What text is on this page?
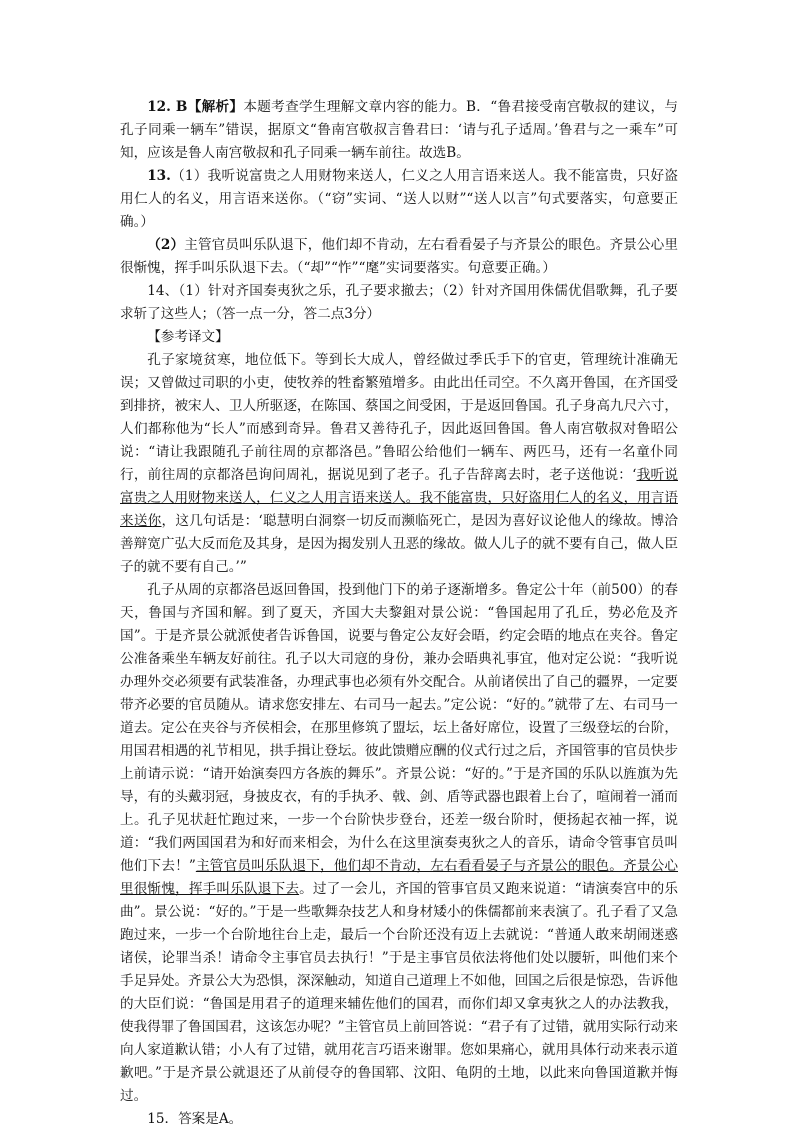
12. B【解析】本题考查学生理解文章内容的能力。B．“鲁君接受南宫敬叔的建议，与孔子同乘一辆车”错误，据原文“鲁南宫敬叔言鲁君曰：‘请与孔子适周。’鲁君与之一乘车”可知，应该是鲁人南宫敬叔和孔子同乘一辆车前往。故选B。

13.（1）我听说富贵之人用财物来送人，仁义之人用言语来送人。我不能富贵，只好盗用仁人的名义，用言语来送你。（“窃”实词、“送人以财”“送人以言”句式要落实，句意要正确。）

（2）主管官员叫乐队退下，他们却不肯动，左右看看晏子与齐景公的眼色。齐景公心里很惭愧，挥手叫乐队退下去。（“却”“怍”“麾”实词要落实。句意要正确。）

14、（1）针对齐国奏夷狄之乐，孔子要求撤去；（2）针对齐国用侏儒优倡歌舞，孔子要求斩了这些人；（答一点一分，答二点3分）

【参考译文】

孔子家境贫寒，地位低下。等到长大成人，曾经做过季氏手下的官吏，管理统计准确无误；又曾做过司职的小吏，使牧养的牲畜繁殖增多。由此出任司空。不久离开鲁国，在齐国受到排挤，被宋人、卫人所驱逐，在陈国、蔡国之间受困，于是返回鲁国。孔子身高九尺六寸，人们都称他为“长人”而感到奇异。鲁君又善待孔子，因此返回鲁国。鲁人南宫敬叔对鲁昭公说：“请让我跟随孔子前往周的京都洛邑。”鲁昭公给他们一辆车、两匹马，还有一名童仆同行，前往周的京都洛邑询问周礼，据说见到了老子。孔子告辞离去时，老子送他说：‘我听说富贵之人用财物来送人，仁义之人用言语来送人。我不能富贵，只好盗用仁人的名义，用言语来送你，这几句话是：‘聪慧明白洞察一切反而濒临死亡，是因为喜好议论他人的缘故。博洽善辩宽广弘大反而危及其身，是因为揭发别人丑恶的缘故。做人儿子的就不要有自己，做人臣子的就不要有自己。’”

孔子从周的京都洛邑返回鲁国，投到他门下的弟子逐渐增多。鲁定公十年（前500）的春天，鲁国与齐国和解。到了夏天，齐国大夫黎鉏对景公说：“鲁国起用了孔丘，势必危及齐国”。于是齐景公就派使者告诉鲁国，说要与鲁定公友好会晤，约定会晤的地点在夹谷。鲁定公准备乘坐车辆友好前往。孔子以大司寇的身份，兼办会晤典礼事宜，他对定公说：“我听说办理外交必须要有武装准备，办理武事也必须有外交配合。从前诸侯出了自己的疆界，一定要带齐必要的官员随从。请求您安排左、右司马一起去。”定公说：“好的。”就带了左、右司马一道去。定公在夹谷与齐侯相会，在那里修筑了盟坛，坛上备好席位，设置了三级登坛的台阶，用国君相遇的礼节相见，拱手揖让登坛。彼此馈赠应酬的仪式行过之后，齐国管事的官员快步上前请示说：“请开始演奏四方各族的舞乐”。齐景公说：“好的。”于是齐国的乐队以旌旗为先导，有的头戴羽冠，身披皮衣，有的手执矛、戟、剑、盾等武器也跟着上台了，喧闹着一涌而上。孔子见状赶忙跑过来，一步一个台阶快步登台，还差一级台阶时，便扬起衣袖一挥，说道：“我们两国国君为和好而来相会，为什么在这里演奏夷狄之人的音乐，请命令管事官员叫他们下去！”主管官员叫乐队退下，他们却不肯动，左右看看晏子与齐景公的眼色。齐景公心里很惭愧，挥手叫乐队退下去。过了一会儿，齐国的管事官员又跑来说道：“请演奏宫中的乐曲”。景公说：“好的。”于是一些歌舞杂技艺人和身材矮小的侏儒都前来表演了。孔子看了又急跑过来，一步一个台阶地往台上走，最后一个台阶还没有迈上去就说：“普通人敢来胡闹迷惑诸侯，论罪当杀！请命令主事官员去执行！”于是主事官员依法将他们处以腰斩，叫他们来个手足异处。齐景公大为恐惧，深深触动，知道自己道理上不如他，回国之后很是惊恐，告诉他的大臣们说：“鲁国是用君子的道理来辅佐他们的国君，而你们却又拿夷狄之人的办法教我，使我得罪了鲁国国君，这该怎办呢？”主管官员上前回答说：“君子有了过错，就用实际行动来向人家道歉认错；小人有了过错，就用花言巧语来谢罪。您如果痛心，就用具体行动来表示道歉吧。”于是齐景公就退还了从前侵夺的鲁国郓、汶阳、龟阴的土地，以此来向鲁国道歉并悔过。

15．答案是A。
